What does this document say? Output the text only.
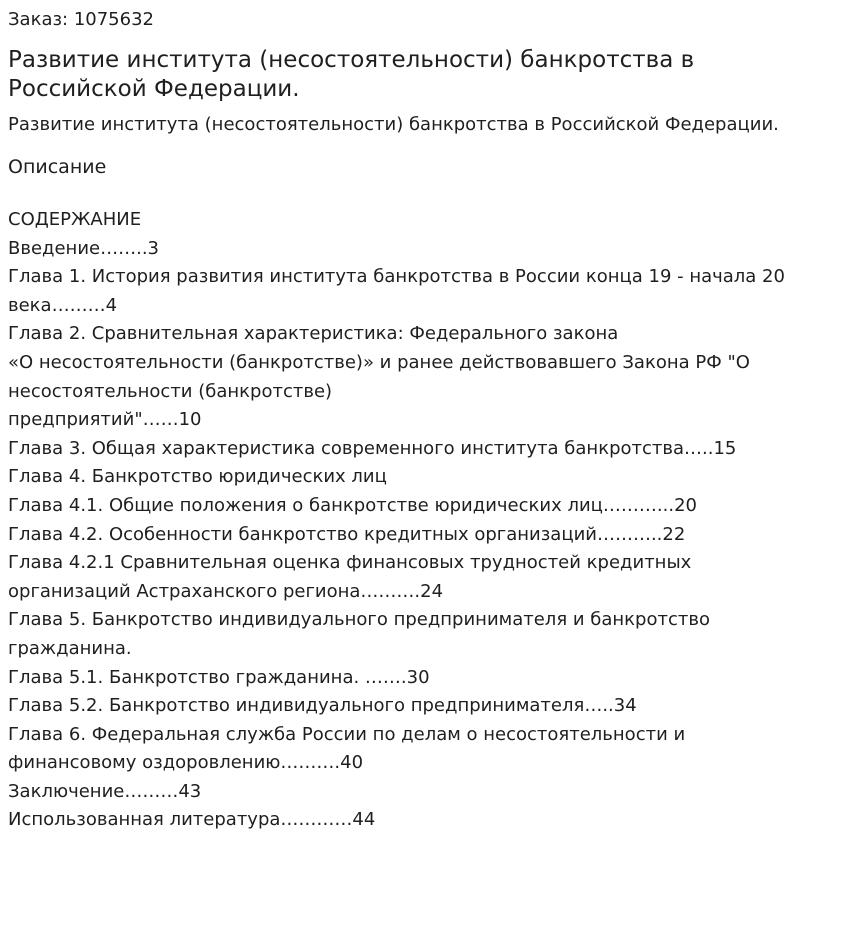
Заказ: 1075632
Развитие института (несостоятельности) банкротства в Российской Федерации.
Развитие института (несостоятельности) банкротства в Российской Федерации.
Описание
СОДЕРЖАНИЕ
Введение……..3
Глава 1. История развития института банкротства в России конца 19 - начала 20
века………4
Глава 2. Сравнительная характеристика: Федерального закона
«О несостоятельности (банкротстве)» и ранее действовавшего Закона РФ "О
несостоятельности (банкротстве)
предприятий"……10
Глава 3. Общая характеристика современного института банкротства…..15
Глава 4. Банкротство юридических лиц
Глава 4.1. Общие положения о банкротстве юридических лиц………...20
Глава 4.2. Особенности банкротство кредитных организаций………..22
Глава 4.2.1 Сравнительная оценка финансовых трудностей кредитных
организаций Астраханского региона……….24
Глава 5. Банкротство индивидуального предпринимателя и банкротство
гражданина.
Глава 5.1. Банкротство гражданина. …….30
Глава 5.2. Банкротство индивидуального предпринимателя…..34
Глава 6. Федеральная служба России по делам о несостоятельности и
финансовому оздоровлению……….40
Заключение………43
Использованная литература…………44
